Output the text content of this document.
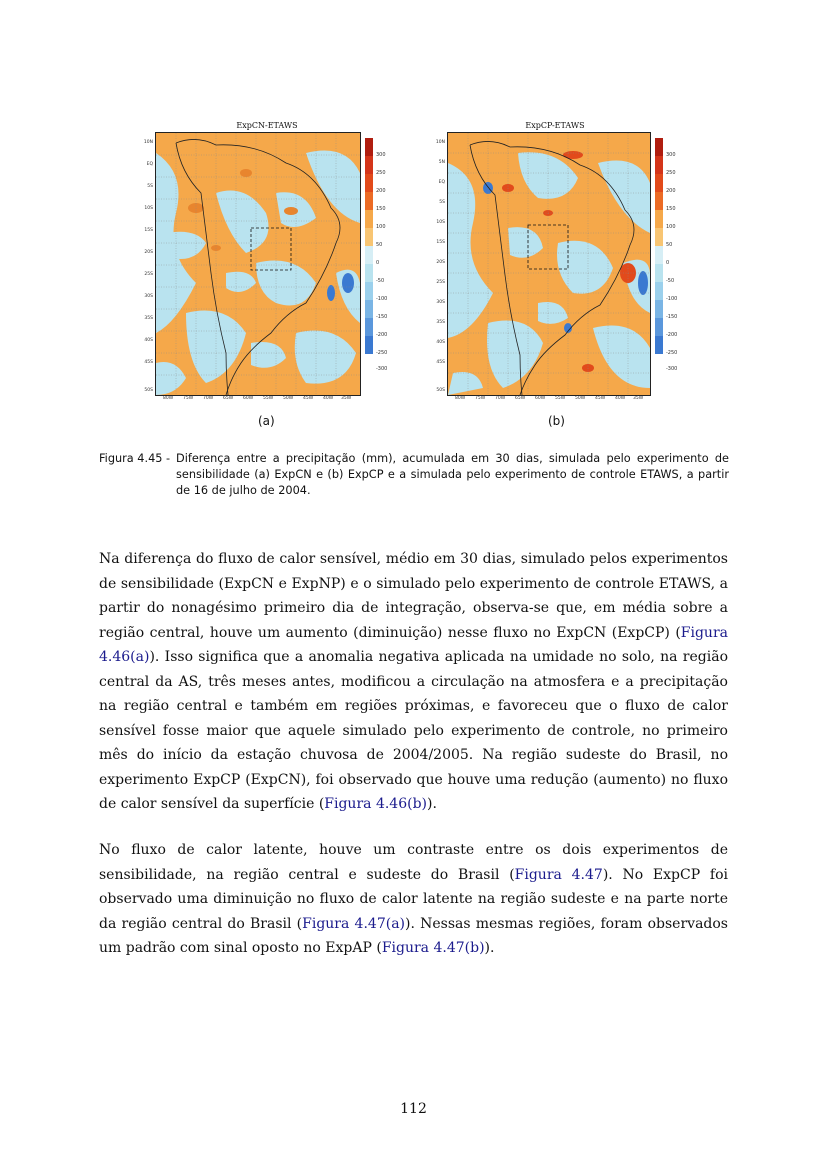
ExpCN-ETAWS
10N
EQ
5S
10S
15S
20S
25S
30S
35S
40S
45S
50S
80W 75W 70W 65W 60W 55W 50W 45W 40W 35W
300
250
200
150
100
50
0
-50
-100
-150
-200
-250
-300
(a)
ExpCP-ETAWS
10N
5N
EQ
5S
10S
15S
20S
25S
30S
35S
40S
45S
50S
80W 75W 70W 65W 60W 55W 50W 45W 40W 35W
300
250
200
150
100
50
0
-50
-100
-150
-200
-250
-300
(b)
Figura 4.45 - Diferença entre a precipitação (mm), acumulada em 30 dias, simulada pelo experimento de sensibilidade (a) ExpCN e (b) ExpCP e a simulada pelo experimento de controle ETAWS, a partir de 16 de julho de 2004.

Na diferença do fluxo de calor sensível, médio em 30 dias, simulado pelos experimentos de sensibilidade (ExpCN e ExpNP) e o simulado pelo experimento de controle ETAWS, a partir do nonagésimo primeiro dia de integração, observa-se que, em média sobre a região central, houve um aumento (diminuição) nesse fluxo no ExpCN (ExpCP) (Figura 4.46(a)). Isso significa que a anomalia negativa aplicada na umidade no solo, na região central da AS, três meses antes, modificou a circulação na atmosfera e a precipitação na região central e também em regiões próximas, e favoreceu que o fluxo de calor sensível fosse maior que aquele simulado pelo experimento de controle, no primeiro mês do início da estação chuvosa de 2004/2005. Na região sudeste do Brasil, no experimento ExpCP (ExpCN), foi observado que houve uma redução (aumento) no fluxo de calor sensível da superfície (Figura 4.46(b)).

No fluxo de calor latente, houve um contraste entre os dois experimentos de sensibilidade, na região central e sudeste do Brasil (Figura 4.47). No ExpCP foi observado uma diminuição no fluxo de calor latente na região sudeste e na parte norte da região central do Brasil (Figura 4.47(a)). Nessas mesmas regiões, foram observados um padrão com sinal oposto no ExpAP (Figura 4.47(b)).

112
